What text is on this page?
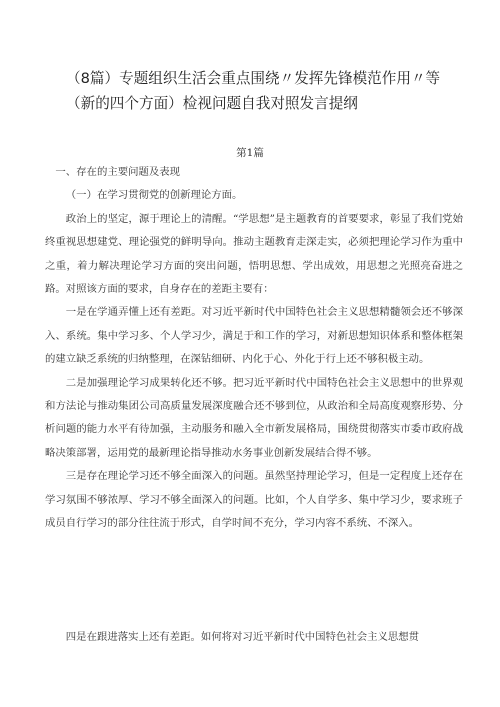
（8篇）专题组织生活会重点围绕〃发挥先锋模范作用〃等（新的四个方面）检视问题自我对照发言提纲
第1篇

一、存在的主要问题及表现

（一）在学习贯彻党的创新理论方面。

政治上的坚定，源于理论上的清醒。“学思想”是主题教育的首要要求，彰显了我们党始终重视思想建党、理论强党的鲜明导向。推动主题教育走深走实，必须把理论学习作为重中之重，着力解决理论学习方面的突出问题，悟明思想、学出成效，用思想之光照亮奋进之路。对照该方面的要求，自身存在的差距主要有：

一是在学通弄懂上还有差距。对习近平新时代中国特色社会主义思想精髓领会还不够深入、系统。集中学习多、个人学习少，满足于和工作的学习，对新思想知识体系和整体框架的建立缺乏系统的归纳整理，在深钻细研、内化于心、外化于行上还不够积极主动。

二是加强理论学习成果转化还不够。把习近平新时代中国特色社会主义思想中的世界观和方法论与推动集团公司高质量发展深度融合还不够到位，从政治和全局高度观察形势、分析问题的能力水平有待加强，主动服务和融入全市新发展格局，围绕贯彻落实市委市政府战略决策部署，运用党的最新理论指导推动水务事业创新发展结合得不够。

三是存在理论学习还不够全面深入的问题。虽然坚持理论学习，但是一定程度上还存在学习氛围不够浓厚、学习不够全面深入的问题。比如，个人自学多、集中学习少，要求班子成员自行学习的部分往往流于形式，自学时间不充分，学习内容不系统、不深入。

四是在跟进落实上还有差距。如何将对习近平新时代中国特色社会主义思想贯
